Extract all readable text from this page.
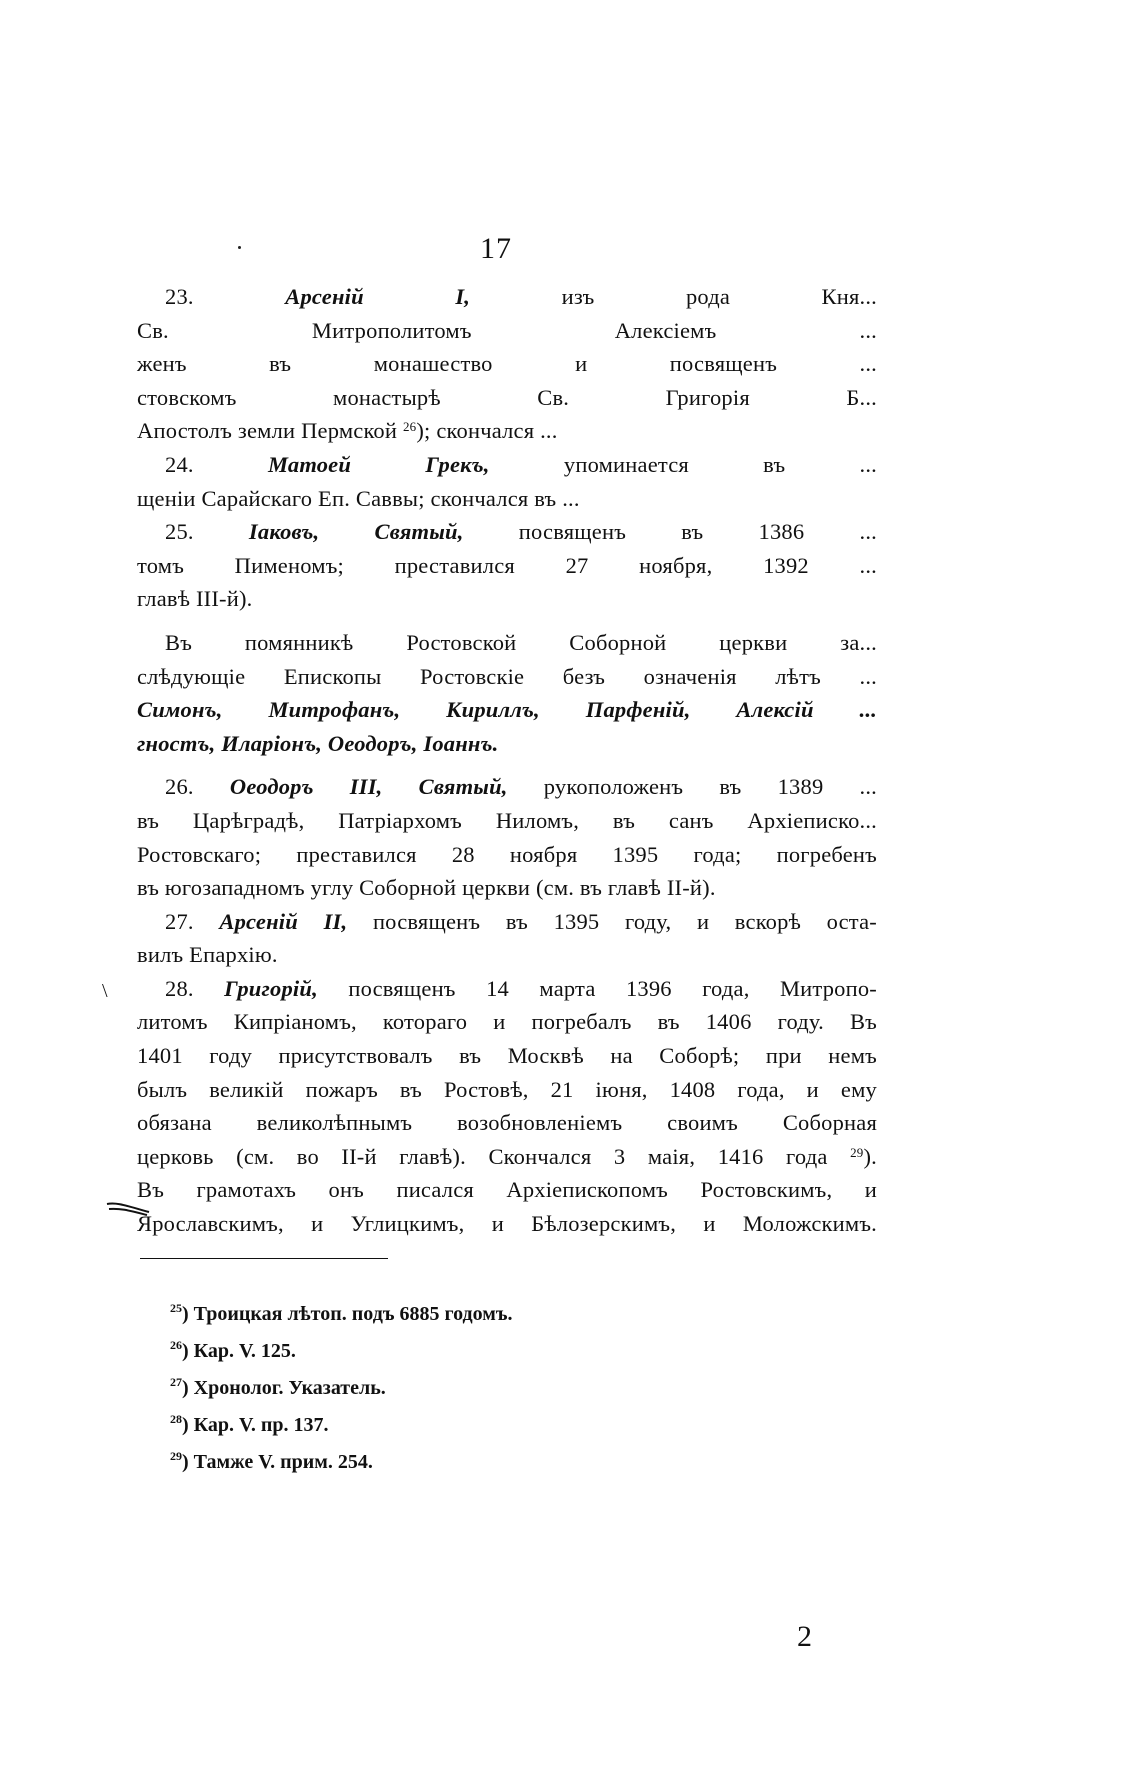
17
23.	Арсенiй I,	изъ рода Кня...
Св. Митрополитомъ Алексiемъ ...
женъ въ монашество и посвященъ ...
стовскомъ монастырѣ Св. Григорiя Б...
Апостолъ земли Пермской $^{26}$); скончался ...
24.	Матоей Грекъ,	упоминается въ ...
щенiи Сарайскаго Еп. Саввы; скончался въ ...
25. Iаковъ, Святый, посвященъ въ 1386 ...
томъ Пименомъ; преставился 27 ноября, 1392 ...
главѣ III-й).
Въ помянникѣ Ростовской Соборной церкви за...
слѣдующiе Епископы Ростовскiе безъ означенiя лѣтъ ...
Симонъ, Митрофанъ, Кириллъ, Парфенiй, Алексiй ...
гностъ, Иларiонъ, Оеодоръ, Iоаннъ.
26. Оеодоръ III, Святый, рукоположенъ въ 1389 ...
въ Царѣградѣ, Патрiархомъ Ниломъ, въ санъ Архiеписко...
Ростовскаго; преставился 28 ноября 1395 года; погребенъ
въ югозападномъ углу Соборной церкви (см. въ главѣ II-й).
27. Арсенiй II, посвященъ въ 1395 году, и вскорѣ оста-
вилъ Епархiю.
28. Григорiй, посвященъ 14 марта 1396 года, Митропо-
литомъ Кипрiаномъ, котораго и погребалъ въ 1406 году. Въ
1401 году присутствовалъ въ Москвѣ на Соборѣ; при немъ
былъ великiй пожаръ въ Ростовѣ, 21 iюня, 1408 года, и ему
обязана великолѣпнымъ возобновленiемъ своимъ Соборная
церковь (см. во II-й главѣ). Скончался 3 маiя, 1416 года $^{29}$).
Въ грамотахъ онъ писался Архiепископомъ Ростовскимъ, и
Ярославскимъ, и Углицкимъ, и Бѣлозерскимъ, и Моложскимъ.
\
$^{25}$) Троицкая лѣтоп. подъ 6885 годомъ.
$^{26}$) Кар. V. 125.
$^{27}$) Хронолог. Указатель.
$^{28}$) Кар. V. пр. 137.
$^{29}$) Тамже V. прим. 254.
2
